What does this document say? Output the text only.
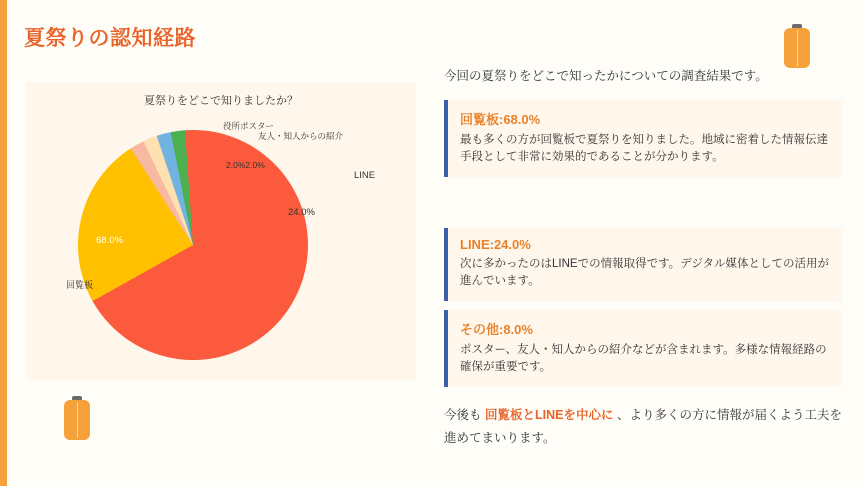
夏祭りの認知経路
夏祭りをどこで知りましたか？
68.0%
24.0%
2.0%2.0%
回覧板
LINE
役所ポスター
友人・知人からの紹介
今回の夏祭りをどこで知ったかについての調査結果です。
回覧板:68.0%
最も多くの方が回覧板で夏祭りを知りました。地域に密着した情報伝達手段として非常に効果的であることが分かります。
LINE:24.0%
次に多かったのはLINEでの情報取得です。デジタル媒体としての活用が進んでいます。
その他:8.0%
ポスター、友人・知人からの紹介などが含まれます。多様な情報経路の確保が重要です。
今後も 回覧板とLINEを中心に 、より多くの方に情報が届くよう工夫を進めてまいります。
